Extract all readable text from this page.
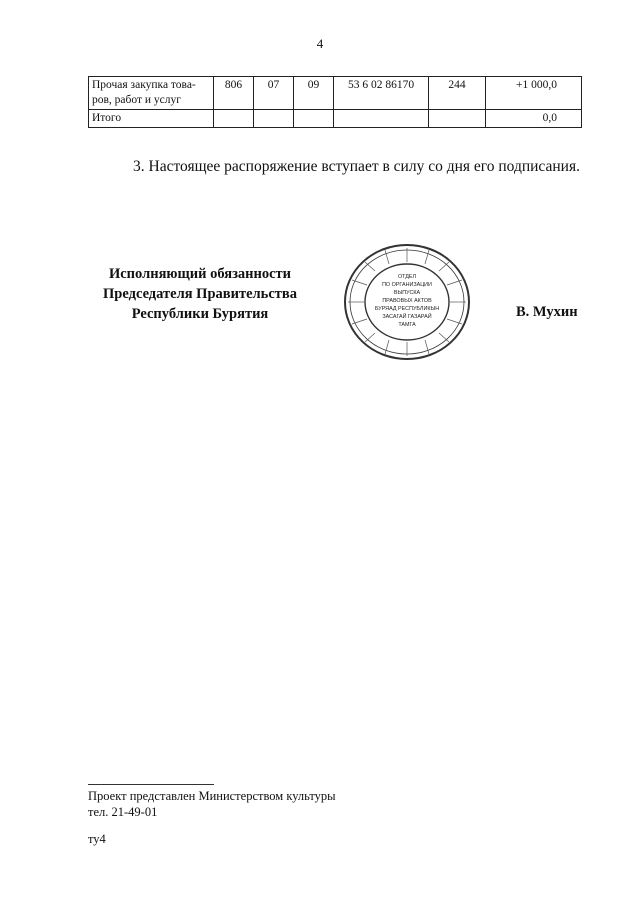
4
Прочая закупка това-ров, работ и услуг	806	07	09	53 6 02 86170	244	+1 000,0
Итого						0,0
3. Настоящее распоряжение вступает в силу со дня его подписания.
Исполняющий обязанности
Председателя Правительства
Республики Бурятия
ОТДЕЛ
ПО ОРГАНИЗАЦИИ
ВЫПУСКА
ПРАВОВЫХ АКТОВ
БУРЯАД РЕСПУБЛИКЫН
ЗАСАГАЙ ГАЗАРАЙ
ТАМГА
В. Мухин
Проект представлен Министерством культуры
тел. 21-49-01
ту4
